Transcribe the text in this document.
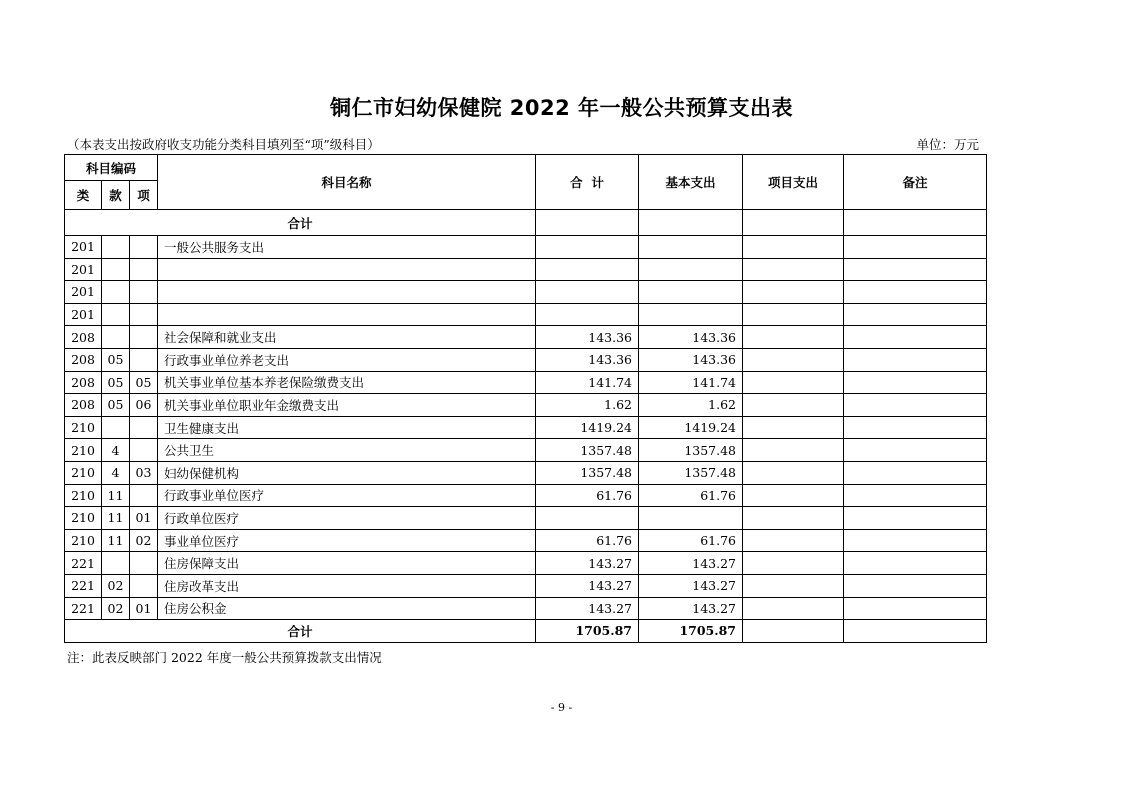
铜仁市妇幼保健院 2022 年一般公共预算支出表
（本表支出按政府收支功能分类科目填列至“项”级科目）	单位：万元
科目编码			科目名称	合  计	基本支出	项目支出	备注
类	款	项					
合计							
201			一般公共服务支出				
201							
201							
201							
208			社会保障和就业支出	143.36	143.36		
208	05		行政事业单位养老支出	143.36	143.36		
208	05	05	机关事业单位基本养老保险缴费支出	141.74	141.74		
208	05	06	机关事业单位职业年金缴费支出	1.62	1.62		
210			卫生健康支出	1419.24	1419.24		
210	4		公共卫生	1357.48	1357.48		
210	4	03	妇幼保健机构	1357.48	1357.48		
210	11		行政事业单位医疗	61.76	61.76		
210	11	01	行政单位医疗				
210	11	02	事业单位医疗	61.76	61.76		
221			住房保障支出	143.27	143.27		
221	02		住房改革支出	143.27	143.27		
221	02	01	住房公积金	143.27	143.27		
合计				1705.87	1705.87		
注：此表反映部门 2022 年度一般公共预算拨款支出情况
- 9 -
